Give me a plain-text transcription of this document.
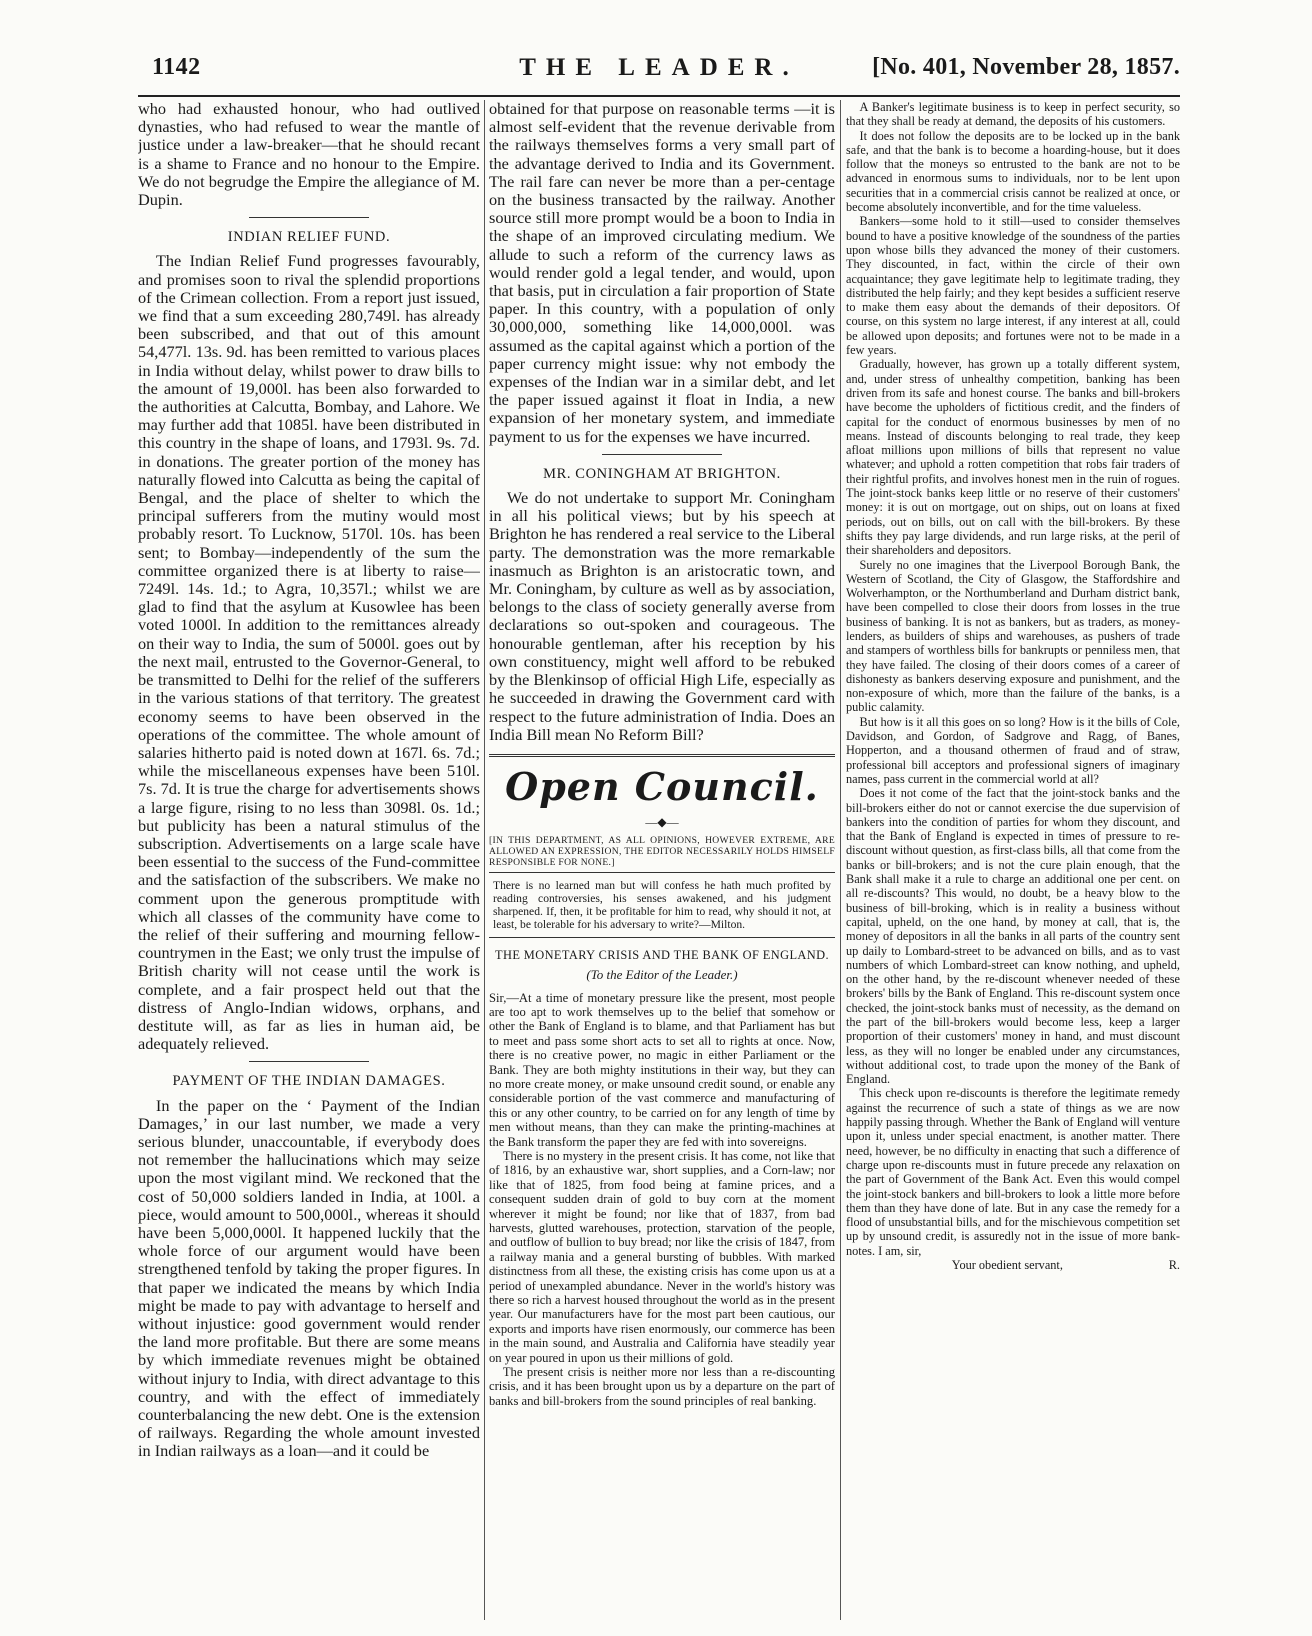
1142	THE LEADER.	[No. 401, November 28, 1857.

who had exhausted honour, who had outlived dynasties, who had refused to wear the mantle of justice under a law-breaker—that he should recant is a shame to France and no honour to the Empire. We do not begrudge the Empire the allegiance of M. Dupin.

INDIAN RELIEF FUND.

The Indian Relief Fund progresses favourably, and promises soon to rival the splendid proportions of the Crimean collection. From a report just issued, we find that a sum exceeding 280,749l. has already been subscribed, and that out of this amount 54,477l. 13s. 9d. has been remitted to various places in India without delay, whilst power to draw bills to the amount of 19,000l. has been also forwarded to the authorities at Calcutta, Bombay, and Lahore. We may further add that 1085l. have been distributed in this country in the shape of loans, and 1793l. 9s. 7d. in donations. The greater portion of the money has naturally flowed into Calcutta as being the capital of Bengal, and the place of shelter to which the principal sufferers from the mutiny would most probably resort. To Lucknow, 5170l. 10s. has been sent; to Bombay—independently of the sum the committee organized there is at liberty to raise—7249l. 14s. 1d.; to Agra, 10,357l.; whilst we are glad to find that the asylum at Kusowlee has been voted 1000l. In addition to the remittances already on their way to India, the sum of 5000l. goes out by the next mail, entrusted to the Governor-General, to be transmitted to Delhi for the relief of the sufferers in the various stations of that territory. The greatest economy seems to have been observed in the operations of the committee. The whole amount of salaries hitherto paid is noted down at 167l. 6s. 7d.; while the miscellaneous expenses have been 510l. 7s. 7d. It is true the charge for advertisements shows a large figure, rising to no less than 3098l. 0s. 1d.; but publicity has been a natural stimulus of the subscription. Advertisements on a large scale have been essential to the success of the Fund-committee and the satisfaction of the subscribers. We make no comment upon the generous promptitude with which all classes of the community have come to the relief of their suffering and mourning fellow-countrymen in the East; we only trust the impulse of British charity will not cease until the work is complete, and a fair prospect held out that the distress of Anglo-Indian widows, orphans, and destitute will, as far as lies in human aid, be adequately relieved.

PAYMENT OF THE INDIAN DAMAGES.

In the paper on the ‘ Payment of the Indian Damages,’ in our last number, we made a very serious blunder, unaccountable, if everybody does not remember the hallucinations which may seize upon the most vigilant mind. We reckoned that the cost of 50,000 soldiers landed in India, at 100l. a piece, would amount to 500,000l., whereas it should have been 5,000,000l. It happened luckily that the whole force of our argument would have been strengthened tenfold by taking the proper figures. In that paper we indicated the means by which India might be made to pay with advantage to herself and without injustice: good government would render the land more profitable. But there are some means by which immediate revenues might be obtained without injury to India, with direct advantage to this country, and with the effect of immediately counterbalancing the new debt. One is the extension of railways. Regarding the whole amount invested in Indian railways as a loan—and it could be

obtained for that purpose on reasonable terms —it is almost self-evident that the revenue derivable from the railways themselves forms a very small part of the advantage derived to India and its Government. The rail fare can never be more than a per-centage on the business transacted by the railway. Another source still more prompt would be a boon to India in the shape of an improved circulating medium. We allude to such a reform of the currency laws as would render gold a legal tender, and would, upon that basis, put in circulation a fair proportion of State paper. In this country, with a population of only 30,000,000, something like 14,000,000l. was assumed as the capital against which a portion of the paper currency might issue: why not embody the expenses of the Indian war in a similar debt, and let the paper issued against it float in India, a new expansion of her monetary system, and immediate payment to us for the expenses we have incurred.

MR. CONINGHAM AT BRIGHTON.

We do not undertake to support Mr. Coningham in all his political views; but by his speech at Brighton he has rendered a real service to the Liberal party. The demonstration was the more remarkable inasmuch as Brighton is an aristocratic town, and Mr. Coningham, by culture as well as by association, belongs to the class of society generally averse from declarations so out-spoken and courageous. The honourable gentleman, after his reception by his own constituency, might well afford to be rebuked by the Blenkinsop of official High Life, especially as he succeeded in drawing the Government card with respect to the future administration of India. Does an India Bill mean No Reform Bill?

Open Council.
—◆—

[IN THIS DEPARTMENT, AS ALL OPINIONS, HOWEVER EXTREME, ARE ALLOWED AN EXPRESSION, THE EDITOR NECESSARILY HOLDS HIMSELF RESPONSIBLE FOR NONE.]

There is no learned man but will confess he hath much profited by reading controversies, his senses awakened, and his judgment sharpened. If, then, it be profitable for him to read, why should it not, at least, be tolerable for his adversary to write?—Milton.

THE MONETARY CRISIS AND THE BANK OF ENGLAND.
(To the Editor of the Leader.)

Sir,—At a time of monetary pressure like the present, most people are too apt to work themselves up to the belief that somehow or other the Bank of England is to blame, and that Parliament has but to meet and pass some short acts to set all to rights at once. Now, there is no creative power, no magic in either Parliament or the Bank. They are both mighty institutions in their way, but they can no more create money, or make unsound credit sound, or enable any considerable portion of the vast commerce and manufacturing of this or any other country, to be carried on for any length of time by men without means, than they can make the printing-machines at the Bank transform the paper they are fed with into sovereigns.

There is no mystery in the present crisis. It has come, not like that of 1816, by an exhaustive war, short supplies, and a Corn-law; nor like that of 1825, from food being at famine prices, and a consequent sudden drain of gold to buy corn at the moment wherever it might be found; nor like that of 1837, from bad harvests, glutted warehouses, protection, starvation of the people, and outflow of bullion to buy bread; nor like the crisis of 1847, from a railway mania and a general bursting of bubbles. With marked distinctness from all these, the existing crisis has come upon us at a period of unexampled abundance. Never in the world's history was there so rich a harvest housed throughout the world as in the present year. Our manufacturers have for the most part been cautious, our exports and imports have risen enormously, our commerce has been in the main sound, and Australia and California have steadily year on year poured in upon us their millions of gold.

The present crisis is neither more nor less than a re-discounting crisis, and it has been brought upon us by a departure on the part of banks and bill-brokers from the sound principles of real banking.

A Banker's legitimate business is to keep in perfect security, so that they shall be ready at demand, the deposits of his customers.

It does not follow the deposits are to be locked up in the bank safe, and that the bank is to become a hoarding-house, but it does follow that the moneys so entrusted to the bank are not to be advanced in enormous sums to individuals, nor to be lent upon securities that in a commercial crisis cannot be realized at once, or become absolutely inconvertible, and for the time valueless.

Bankers—some hold to it still—used to consider themselves bound to have a positive knowledge of the soundness of the parties upon whose bills they advanced the money of their customers. They discounted, in fact, within the circle of their own acquaintance; they gave legitimate help to legitimate trading, they distributed the help fairly; and they kept besides a sufficient reserve to make them easy about the demands of their depositors. Of course, on this system no large interest, if any interest at all, could be allowed upon deposits; and fortunes were not to be made in a few years.

Gradually, however, has grown up a totally different system, and, under stress of unhealthy competition, banking has been driven from its safe and honest course. The banks and bill-brokers have become the upholders of fictitious credit, and the finders of capital for the conduct of enormous businesses by men of no means. Instead of discounts belonging to real trade, they keep afloat millions upon millions of bills that represent no value whatever; and uphold a rotten competition that robs fair traders of their rightful profits, and involves honest men in the ruin of rogues. The joint-stock banks keep little or no reserve of their customers' money: it is out on mortgage, out on ships, out on loans at fixed periods, out on bills, out on call with the bill-brokers. By these shifts they pay large dividends, and run large risks, at the peril of their shareholders and depositors.

Surely no one imagines that the Liverpool Borough Bank, the Western of Scotland, the City of Glasgow, the Staffordshire and Wolverhampton, or the Northumberland and Durham district bank, have been compelled to close their doors from losses in the true business of banking. It is not as bankers, but as traders, as money-lenders, as builders of ships and warehouses, as pushers of trade and stampers of worthless bills for bankrupts or penniless men, that they have failed. The closing of their doors comes of a career of dishonesty as bankers deserving exposure and punishment, and the non-exposure of which, more than the failure of the banks, is a public calamity.

But how is it all this goes on so long? How is it the bills of Cole, Davidson, and Gordon, of Sadgrove and Ragg, of Banes, Hopperton, and a thousand othermen of fraud and of straw, professional bill acceptors and professional signers of imaginary names, pass current in the commercial world at all?

Does it not come of the fact that the joint-stock banks and the bill-brokers either do not or cannot exercise the due supervision of bankers into the condition of parties for whom they discount, and that the Bank of England is expected in times of pressure to re-discount without question, as first-class bills, all that come from the banks or bill-brokers; and is not the cure plain enough, that the Bank shall make it a rule to charge an additional one per cent. on all re-discounts? This would, no doubt, be a heavy blow to the business of bill-broking, which is in reality a business without capital, upheld, on the one hand, by money at call, that is, the money of depositors in all the banks in all parts of the country sent up daily to Lombard-street to be advanced on bills, and as to vast numbers of which Lombard-street can know nothing, and upheld, on the other hand, by the re-discount whenever needed of these brokers' bills by the Bank of England. This re-discount system once checked, the joint-stock banks must of necessity, as the demand on the part of the bill-brokers would become less, keep a larger proportion of their customers' money in hand, and must discount less, as they will no longer be enabled under any circumstances, without additional cost, to trade upon the money of the Bank of England.

This check upon re-discounts is therefore the legitimate remedy against the recurrence of such a state of things as we are now happily passing through. Whether the Bank of England will venture upon it, unless under special enactment, is another matter. There need, however, be no difficulty in enacting that such a difference of charge upon re-discounts must in future precede any relaxation on the part of Government of the Bank Act. Even this would compel the joint-stock bankers and bill-brokers to look a little more before them than they have done of late. But in any case the remedy for a flood of unsubstantial bills, and for the mischievous competition set up by unsound credit, is assuredly not in the issue of more bank-notes. I am, sir,

Your obedient servant,	R.
